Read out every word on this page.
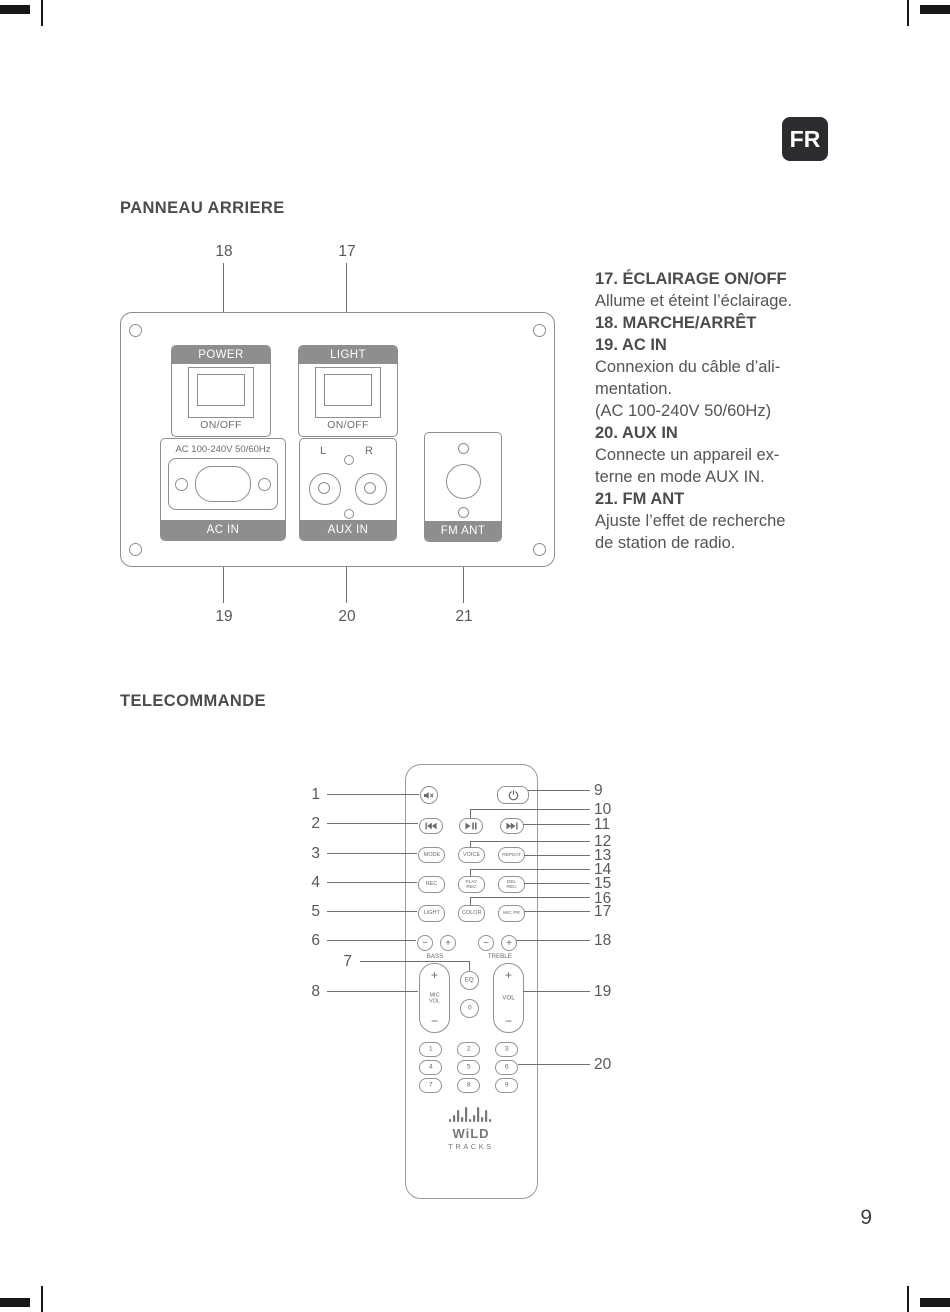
FR
PANNEAU ARRIERE
18	17
POWER
ON/OFF
LIGHT
ON/OFF
AC 100-240V 50/60Hz
AC IN
L	R
AUX IN	FM ANT
19	20	21
17. ÉCLAIRAGE ON/OFF
Allume et éteint l’éclairage.
18. MARCHE/ARRÊT
19. AC IN
Connexion du câble d’ali-
mentation.
(AC 100-240V 50/60Hz)
20. AUX IN
Connecte un appareil ex-
terne en mode AUX IN.
21. FM ANT
Ajuste l’effet de recherche
de station de radio.
TELECOMMANDE
MODE VOICE REPEAT
REC	PLAY
REC
DEL
REC
LIGHT COLOR MIC PR
−	+	−	+
BASS	TREBLE
+
MIC
VOL
−
EQ
0
+
VOL
−
1	2	3
4	5	6
7	8	9
WiLD
TRACKS
1
2
3
4
5
6
7
8
9
10
11
12
13
14
15
16
17
18
19
20
9
